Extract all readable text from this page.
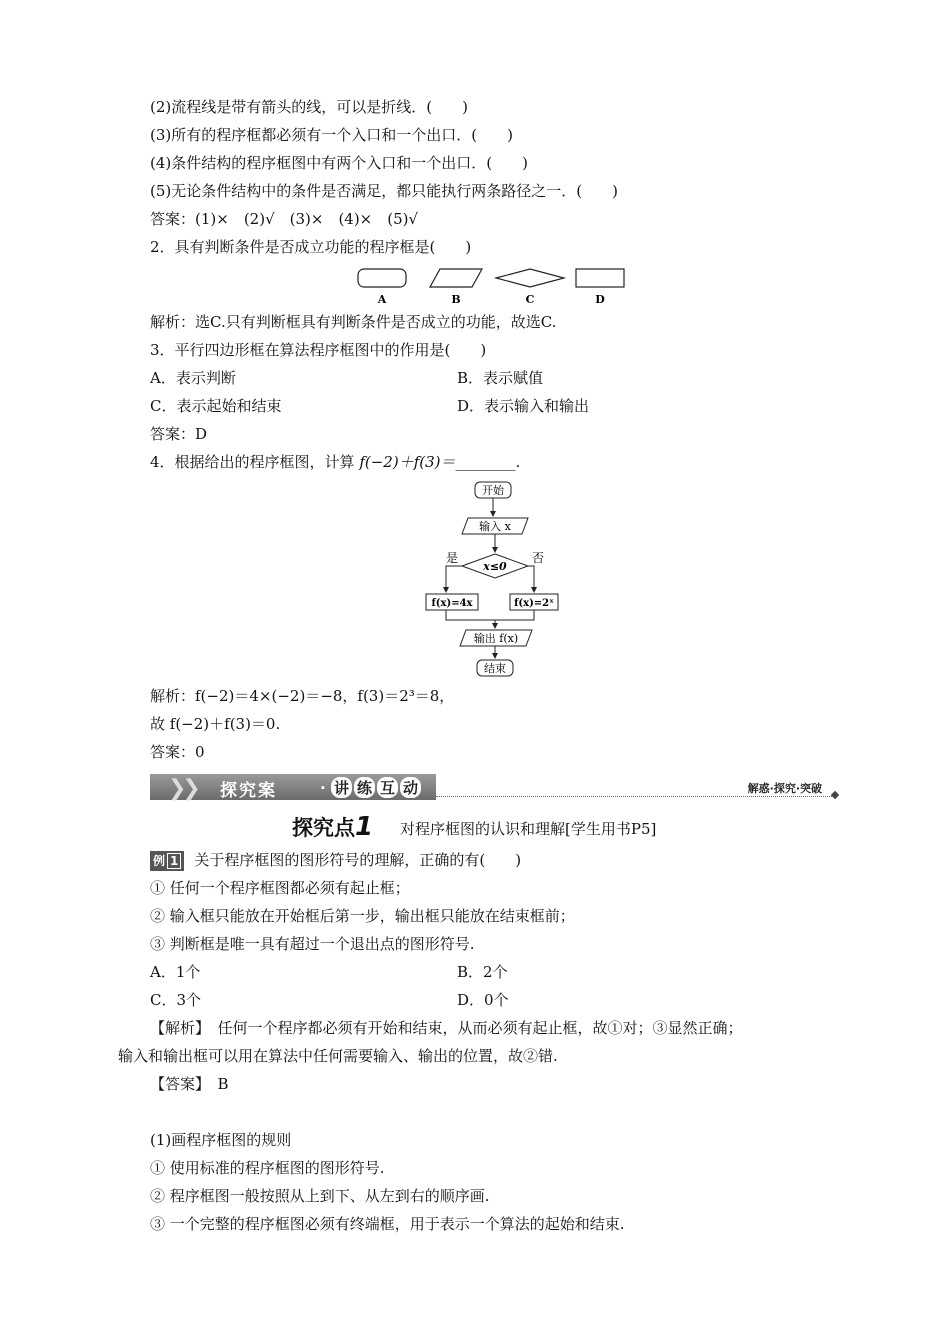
(2)流程线是带有箭头的线，可以是折线．(　　)
(3)所有的程序框都必须有一个入口和一个出口．(　　)
(4)条件结构的程序框图中有两个入口和一个出口．(　　)
(5)无论条件结构中的条件是否满足，都只能执行两条路径之一．(　　)
答案：(1)×　(2)√　(3)×　(4)×　(5)√
2．具有判断条件是否成立功能的程序框是(　　)
A	B	C	D
解析：选C.只有判断框具有判断条件是否成立的功能，故选C.
3．平行四边形框在算法程序框图中的作用是(　　)
A．表示判断	B．表示赋值
C．表示起始和结束	D．表示输入和输出
答案：D
4．根据给出的程序框图，计算 f(−2)＋f(3)＝________.
开始
输入 x
x≤0
是	否
f(x)=4x	f(x)=2ˣ
输出 f(x)
结束
解析：f(−2)＝4×(−2)＝−8，f(3)＝2³＝8，
故 f(−2)＋f(3)＝0.
答案：0
❯❯ 探究案	· 讲 练 互 动	解惑·探究·突破
探究点1 对程序框图的认识和理解[学生用书P5]
例 1 关于程序框图的图形符号的理解，正确的有(　　)
① 任何一个程序框图都必须有起止框；
② 输入框只能放在开始框后第一步，输出框只能放在结束框前；
③ 判断框是唯一具有超过一个退出点的图形符号.
A．1个	B．2个
C．3个	D．0个
【解析】　 任何一个程序都必须有开始和结束，从而必须有起止框，故①对；③显然正确；
输入和输出框可以用在算法中任何需要输入、输出的位置，故②错.
【答案】　 B
(1)画程序框图的规则
① 使用标准的程序框图的图形符号.
② 程序框图一般按照从上到下、从左到右的顺序画.
③ 一个完整的程序框图必须有终端框，用于表示一个算法的起始和结束.
